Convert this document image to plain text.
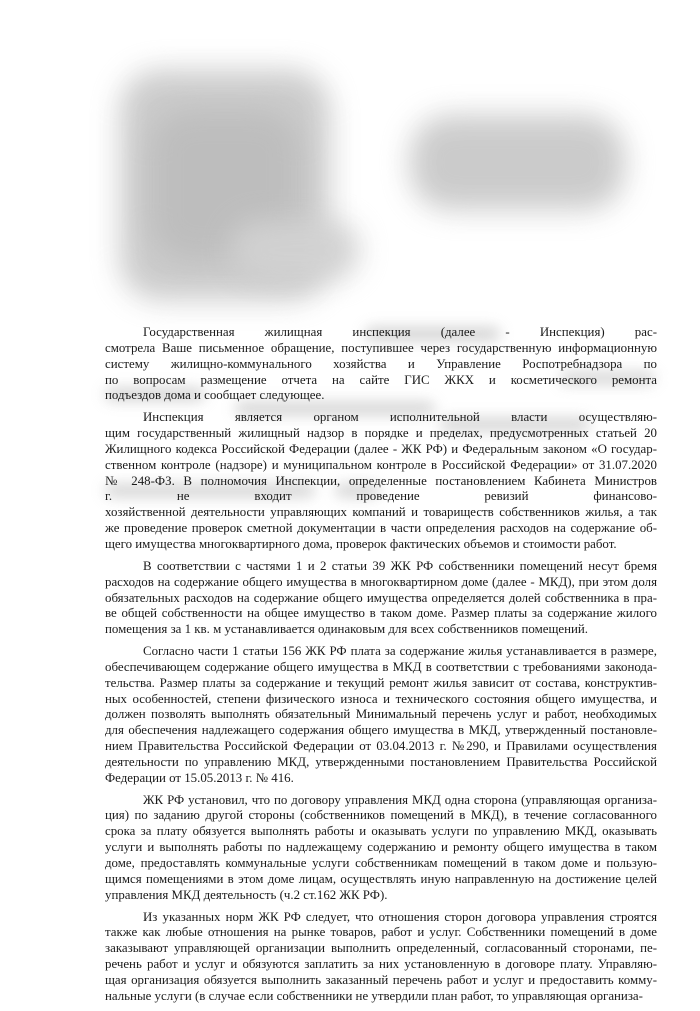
Государственная жилищная инспекция (далее - Инспекция) рас-
смотрела Ваше письменное обращение, поступившее через государственную информационную
систему жилищно-коммунального хозяйства и Управление Роспотребнадзора по
по вопросам размещение отчета на сайте ГИС ЖКХ и косметического ремонта
подъездов дома и сообщает следующее.

Инспекция является органом исполнительной власти осуществляю-
щим государственный жилищный надзор в порядке и пределах, предусмотренных статьей 20
Жилищного кодекса Российской Федерации (далее - ЖК РФ) и Федеральным законом «О государ-
ственном контроле (надзоре) и муниципальном контроле в Российской Федерации» от 31.07.2020
№ 248-ФЗ. В полномочия Инспекции, определенные постановлением Кабинета Министров
г. не входит проведение ревизий финансово-
хозяйственной деятельности управляющих компаний и товариществ собственников жилья, а так
же проведение проверок сметной документации в части определения расходов на содержание об-
щего имущества многоквартирного дома, проверок фактических объемов и стоимости работ.

В соответствии с частями 1 и 2 статьи 39 ЖК РФ собственники помещений несут бремя
расходов на содержание общего имущества в многоквартирном доме (далее - МКД), при этом доля
обязательных расходов на содержание общего имущества определяется долей собственника в пра-
ве общей собственности на общее имущество в таком доме. Размер платы за содержание жилого
помещения за 1 кв. м устанавливается одинаковым для всех собственников помещений.

Согласно части 1 статьи 156 ЖК РФ плата за содержание жилья устанавливается в размере,
обеспечивающем содержание общего имущества в МКД в соответствии с требованиями законода-
тельства. Размер платы за содержание и текущий ремонт жилья зависит от состава, конструктив-
ных особенностей, степени физического износа и технического состояния общего имущества, и
должен позволять выполнять обязательный Минимальный перечень услуг и работ, необходимых
для обеспечения надлежащего содержания общего имущества в МКД, утвержденный постановле-
нием Правительства Российской Федерации от 03.04.2013 г. №290, и Правилами осуществления
деятельности по управлению МКД, утвержденными постановлением Правительства Российской
Федерации от 15.05.2013 г. № 416.

ЖК РФ установил, что по договору управления МКД одна сторона (управляющая организа-
ция) по заданию другой стороны (собственников помещений в МКД), в течение согласованного
срока за плату обязуется выполнять работы и оказывать услуги по управлению МКД, оказывать
услуги и выполнять работы по надлежащему содержанию и ремонту общего имущества в таком
доме, предоставлять коммунальные услуги собственникам помещений в таком доме и пользую-
щимся помещениями в этом доме лицам, осуществлять иную направленную на достижение целей
управления МКД деятельность (ч.2 ст.162 ЖК РФ).

Из указанных норм ЖК РФ следует, что отношения сторон договора управления строятся
также как любые отношения на рынке товаров, работ и услуг. Собственники помещений в доме
заказывают управляющей организации выполнить определенный, согласованный сторонами, пе-
речень работ и услуг и обязуются заплатить за них установленную в договоре плату. Управляю-
щая организация обязуется выполнить заказанный перечень работ и услуг и предоставить комму-
нальные услуги (в случае если собственники не утвердили план работ, то управляющая организа-
